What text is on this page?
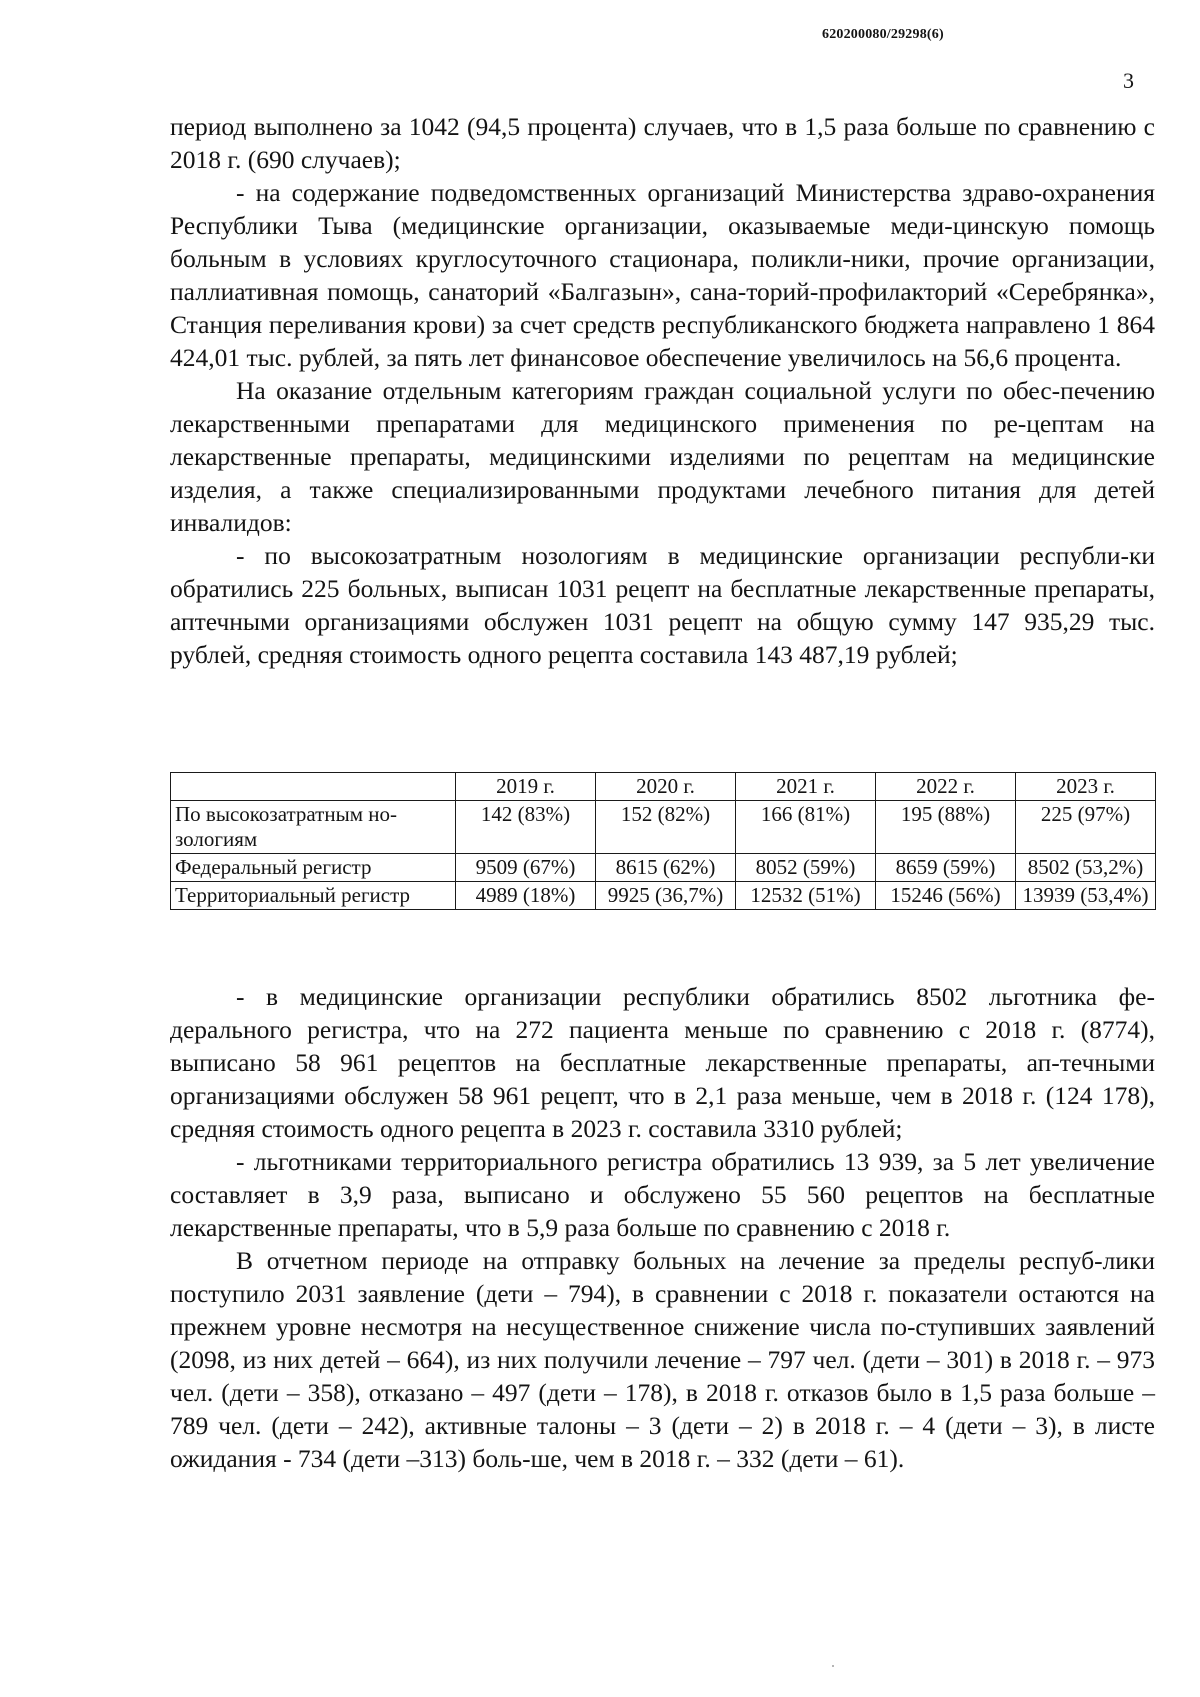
620200080/29298(6)
3

период выполнено за 1042 (94,5 процента) случаев, что в 1,5 раза больше по сравнению с 2018 г. (690 случаев);

- на содержание подведомственных организаций Министерства здраво-охранения Республики Тыва (медицинские организации, оказываемые меди-цинскую помощь больным в условиях круглосуточного стационара, поликли-ники, прочие организации, паллиативная помощь, санаторий «Балгазын», сана-торий-профилакторий «Серебрянка», Станция переливания крови) за счет средств республиканского бюджета направлено 1 864 424,01 тыс. рублей, за пять лет финансовое обеспечение увеличилось на 56,6 процента.

На оказание отдельным категориям граждан социальной услуги по обес-печению лекарственными препаратами для медицинского применения по ре-цептам на лекарственные препараты, медицинскими изделиями по рецептам на медицинские изделия, а также специализированными продуктами лечебного питания для детей инвалидов:

- по высокозатратным нозологиям в медицинские организации республи-ки обратились 225 больных, выписан 1031 рецепт на бесплатные лекарственные препараты, аптечными организациями обслужен 1031 рецепт на общую сумму 147 935,29 тыс. рублей, средняя стоимость одного рецепта составила 143 487,19 рублей;

	2019 г.	2020 г.	2021 г.	2022 г.	2023 г.
По высокозатратным но-зологиям	142 (83%)	152 (82%)	166 (81%)	195 (88%)	225 (97%)
Федеральный регистр	9509 (67%)	8615 (62%)	8052 (59%)	8659 (59%)	8502 (53,2%)
Территориальный регистр	4989 (18%)	9925 (36,7%)	12532 (51%)	15246 (56%)	13939 (53,4%)

- в медицинские организации республики обратились 8502 льготника фе-дерального регистра, что на 272 пациента меньше по сравнению с 2018 г. (8774), выписано 58 961 рецептов на бесплатные лекарственные препараты, ап-течными организациями обслужен 58 961 рецепт, что в 2,1 раза меньше, чем в 2018 г. (124 178), средняя стоимость одного рецепта в 2023 г. составила 3310 рублей;

- льготниками территориального регистра обратились 13 939, за 5 лет увеличение составляет в 3,9 раза, выписано и обслужено 55 560 рецептов на бесплатные лекарственные препараты, что в 5,9 раза больше по сравнению с 2018 г.

В отчетном периоде на отправку больных на лечение за пределы респуб-лики поступило 2031 заявление (дети – 794), в сравнении с 2018 г. показатели остаются на прежнем уровне несмотря на несущественное снижение числа по-ступивших заявлений (2098, из них детей – 664), из них получили лечение – 797 чел. (дети – 301) в 2018 г. – 973 чел. (дети – 358), отказано – 497 (дети – 178), в 2018 г. отказов было в 1,5 раза больше – 789 чел. (дети – 242), активные талоны – 3 (дети – 2) в 2018 г. – 4 (дети – 3), в листе ожидания - 734 (дети –313) боль-ше, чем в 2018 г. – 332 (дети – 61).
